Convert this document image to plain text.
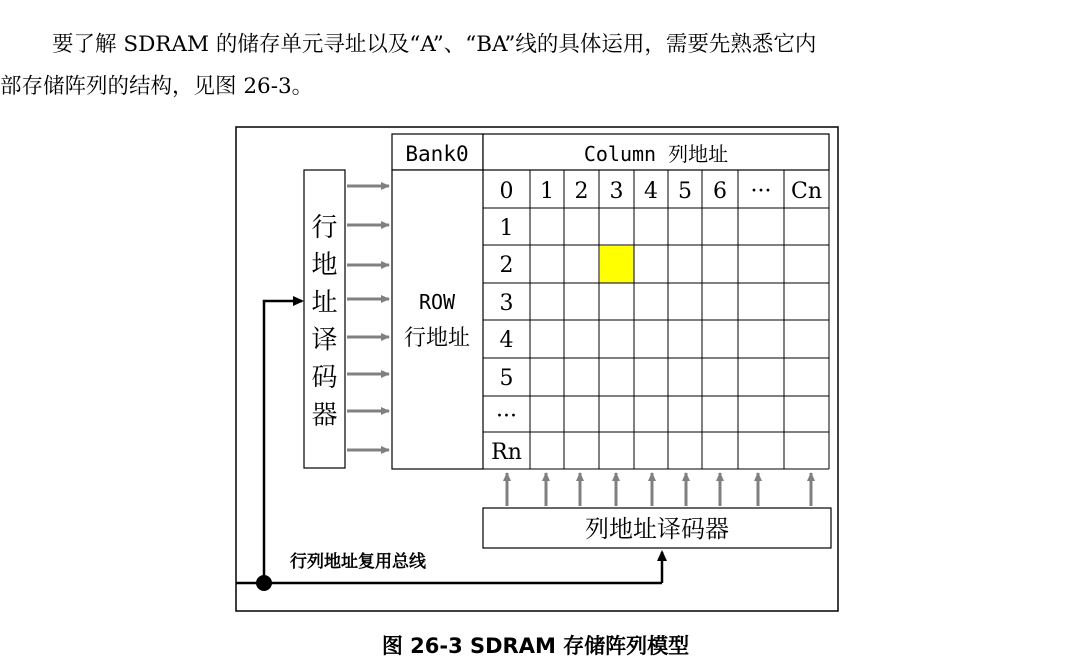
要了解 SDRAM 的储存单元寻址以及“A”、“BA”线的具体运用，需要先熟悉它内
部存储阵列的结构，见图 26-3。
Bank0	Column 列地址
ROW
行地址
0 1 2 3 4 5 6 ··· Cn
1
2
3
4
5
···
Rn
行
地
址
译
码
器
列地址译码器
行列地址复用总线
图 26-3 SDRAM 存储阵列模型
